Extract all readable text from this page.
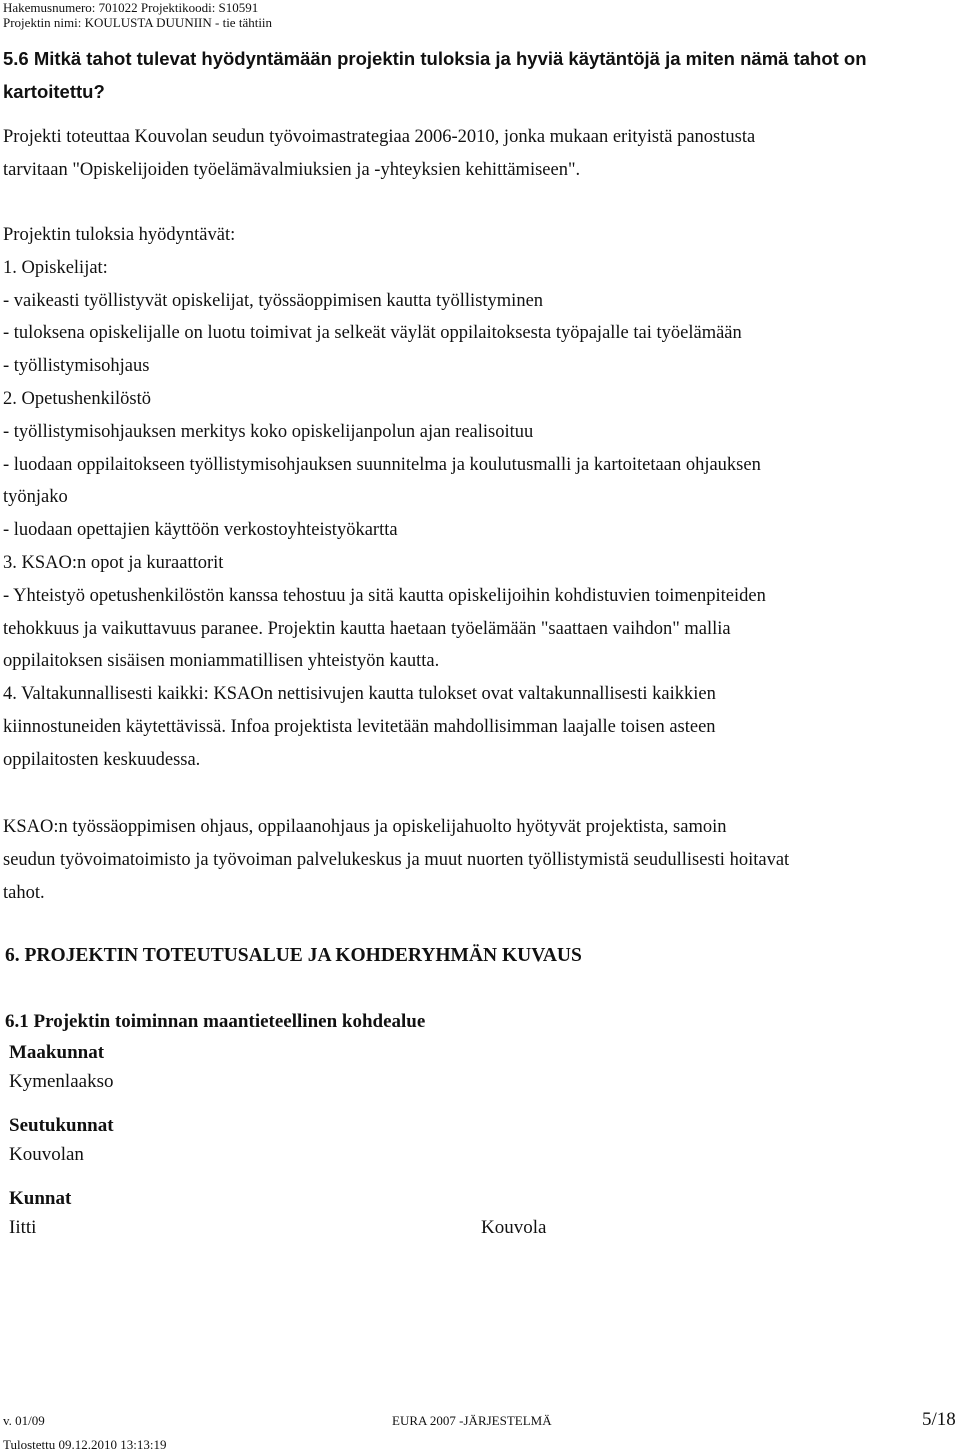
Hakemusnumero: 701022 Projektikoodi: S10591
Projektin nimi: KOULUSTA DUUNIIN - tie tähtiin
5.6 Mitkä tahot tulevat hyödyntämään projektin tuloksia ja hyviä käytäntöjä ja miten nämä tahot on
kartoitettu?
Projekti toteuttaa Kouvolan seudun työvoimastrategiaa 2006-2010, jonka mukaan erityistä panostusta
tarvitaan "Opiskelijoiden työelämävalmiuksien ja -yhteyksien kehittämiseen".
Projektin tuloksia hyödyntävät:
1. Opiskelijat:
- vaikeasti työllistyvät opiskelijat, työssäoppimisen kautta työllistyminen
- tuloksena opiskelijalle on luotu toimivat ja selkeät väylät oppilaitoksesta työpajalle tai työelämään
- työllistymisohjaus
2. Opetushenkilöstö
- työllistymisohjauksen merkitys koko opiskelijanpolun ajan realisoituu
- luodaan oppilaitokseen työllistymisohjauksen suunnitelma ja koulutusmalli ja kartoitetaan ohjauksen
työnjako
- luodaan opettajien käyttöön verkostoyhteistyökartta
3. KSAO:n opot ja kuraattorit
- Yhteistyö opetushenkilöstön kanssa tehostuu ja sitä kautta opiskelijoihin kohdistuvien toimenpiteiden
tehokkuus ja vaikuttavuus paranee. Projektin kautta haetaan työelämään "saattaen vaihdon" mallia
oppilaitoksen sisäisen moniammatillisen yhteistyön kautta.
4. Valtakunnallisesti kaikki: KSAOn nettisivujen kautta tulokset ovat valtakunnallisesti kaikkien
kiinnostuneiden käytettävissä. Infoa projektista levitetään mahdollisimman laajalle toisen asteen
oppilaitosten keskuudessa.
KSAO:n työssäoppimisen ohjaus, oppilaanohjaus ja opiskelijahuolto hyötyvät projektista, samoin
seudun työvoimatoimisto ja työvoiman palvelukeskus ja muut nuorten työllistymistä seudullisesti hoitavat
tahot.
6. PROJEKTIN TOTEUTUSALUE JA KOHDERYHMÄN KUVAUS
6.1 Projektin toiminnan maantieteellinen kohdealue
Maakunnat
Kymenlaakso
Seutukunnat
Kouvolan
Kunnat
Iitti	Kouvola
v. 01/09	EURA 2007 -JÄRJESTELMÄ	5/18
Tulostettu 09.12.2010 13:13:19
